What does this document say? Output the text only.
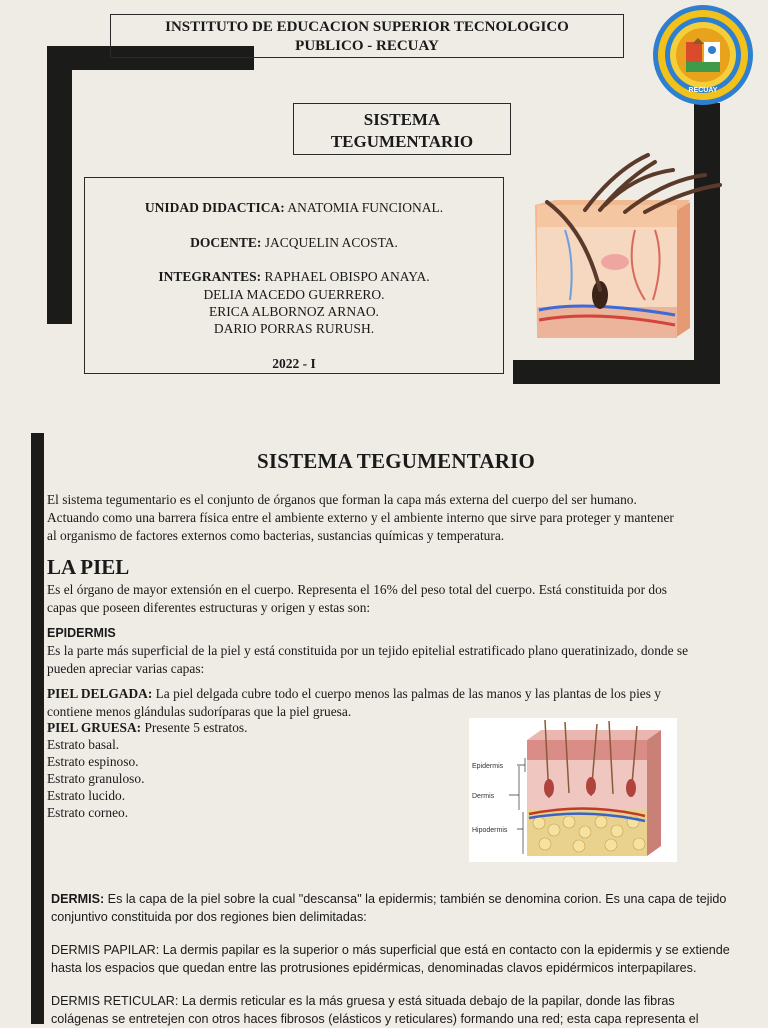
INSTITUTO DE EDUCACION SUPERIOR TECNOLOGICO
PUBLICO - RECUAY
RECUAY
SISTEMA
TEGUMENTARIO
UNIDAD DIDACTICA: ANATOMIA FUNCIONAL.
DOCENTE: JACQUELIN ACOSTA.
INTEGRANTES: RAPHAEL OBISPO ANAYA.
DELIA MACEDO GUERRERO.
ERICA ALBORNOZ ARNAO.
DARIO PORRAS RURUSH.
2022 - I
SISTEMA TEGUMENTARIO
El sistema tegumentario es el conjunto de órganos que forman la capa más externa del cuerpo del ser humano.
Actuando como una barrera física entre el ambiente externo y el ambiente interno que sirve para proteger y mantener
al organismo de factores externos como bacterias, sustancias químicas y temperatura.
LA PIEL
Es el órgano de mayor extensión en el cuerpo. Representa el 16% del peso total del cuerpo. Está constituida por dos
capas que poseen diferentes estructuras y origen y estas son:
EPIDERMIS
Es la parte más superficial de la piel y está constituida por un tejido epitelial estratificado plano queratinizado, donde se
pueden apreciar varias capas:
PIEL DELGADA: La piel delgada cubre todo el cuerpo menos las palmas de las manos y las plantas de los pies y
contiene menos glándulas sudoríparas que la piel gruesa.
PIEL GRUESA: Presente 5 estratos.
Estrato basal.
Estrato espinoso.
Estrato granuloso.
Estrato lucido.
Estrato corneo.
Epidermis
Dermis
Hipodermis
DERMIS: Es la capa de la piel sobre la cual "descansa" la epidermis; también se denomina corion. Es una capa de tejido
conjuntivo constituida por dos regiones bien delimitadas:
DERMIS PAPILAR: La dermis papilar es la superior o más superficial que está en contacto con la epidermis y se extiende
hasta los espacios que quedan entre las protrusiones epidérmicas, denominadas clavos epidérmicos interpapilares.
DERMIS RETICULAR: La dermis reticular es la más gruesa y está situada debajo de la papilar, donde las fibras
colágenas se entretejen con otros haces fibrosos (elásticos y reticulares) formando una red; esta capa representa el
